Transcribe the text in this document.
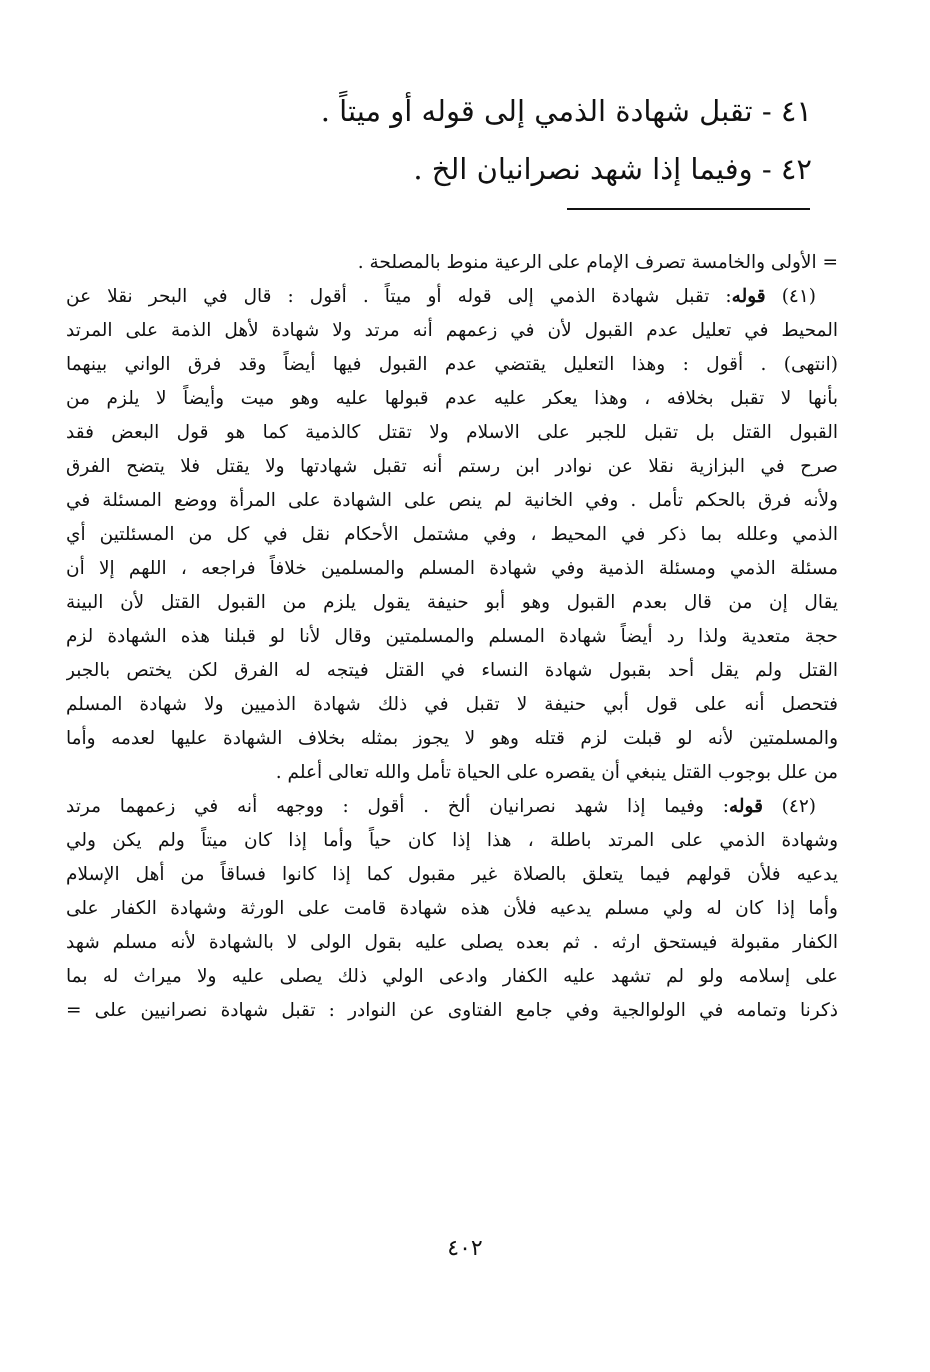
٤١ - تقبل شهادة الذمي إلى قوله أو ميتاً .

٤٢ - وفيما إذا شهد نصرانيان الخ .

= الأولى والخامسة تصرف الإمام على الرعية منوط بالمصلحة .

(٤١) قوله: تقبل شهادة الذمي إلى قوله أو ميتاً . أقول : قال في البحر نقلا عن

المحيط في تعليل عدم القبول لأن في زعمهم أنه مرتد ولا شهادة لأهل الذمة على المرتد

(انتهى) . أقول : وهذا التعليل يقتضي عدم القبول فيها أيضاً وقد فرق الواني بينهما

بأنها لا تقبل بخلافه ، وهذا يعكر عليه عدم قبولها عليه وهو ميت وأيضاً لا يلزم من

القبول القتل بل تقبل للجبر على الاسلام ولا تقتل كالذمية كما هو قول البعض فقد

صرح في البزازية نقلا عن نوادر ابن رستم أنه تقبل شهادتها ولا يقتل فلا يتضح الفرق

ولأنه فرق بالحكم تأمل . وفي الخانية لم ينص على الشهادة على المرأة ووضع المسئلة في

الذمي وعلله بما ذكر في المحيط ، وفي مشتمل الأحكام نقل في كل من المسئلتين أي

مسئلة الذمي ومسئلة الذمية وفي شهادة المسلم والمسلمين خلافاً فراجعه ، اللهم إلا أن

يقال إن من قال بعدم القبول وهو أبو حنيفة يقول يلزم من القبول القتل لأن البينة

حجة متعدية ولذا رد أيضاً شهادة المسلم والمسلمتين وقال لأنا لو قبلنا هذه الشهادة لزم

القتل ولم يقل أحد بقبول شهادة النساء في القتل فيتجه له الفرق لكن يختص بالجبر

فتحصل أنه على قول أبي حنيفة لا تقبل في ذلك شهادة الذميين ولا شهادة المسلم

والمسلمتين لأنه لو قبلت لزم قتله وهو لا يجوز بمثله بخلاف الشهادة عليها لعدمه وأما

من علل بوجوب القتل ينبغي أن يقصره على الحياة تأمل والله تعالى أعلم .

(٤٢) قوله: وفيما إذا شهد نصرانيان ألخ . أقول : ووجهه أنه في زعمهما مرتد

وشهادة الذمي على المرتد باطلة ، هذا إذا كان حياً وأما إذا كان ميتاً ولم يكن ولي

يدعيه فلأن قولهم فيما يتعلق بالصلاة غير مقبول كما إذا كانوا فساقاً من أهل الإسلام

وأما إذا كان له ولي مسلم يدعيه فلأن هذه شهادة قامت على الورثة وشهادة الكفار على

الكفار مقبولة فيستحق ارثه . ثم بعده يصلى عليه بقول الولى لا بالشهادة لأنه مسلم شهد

على إسلامه ولو لم تشهد عليه الكفار وادعى الولي ذلك يصلى عليه ولا ميراث له بما

ذكرنا وتمامه في الولوالجية وفي جامع الفتاوى عن النوادر : تقبل شهادة نصرانيين على =

٤٠٢
